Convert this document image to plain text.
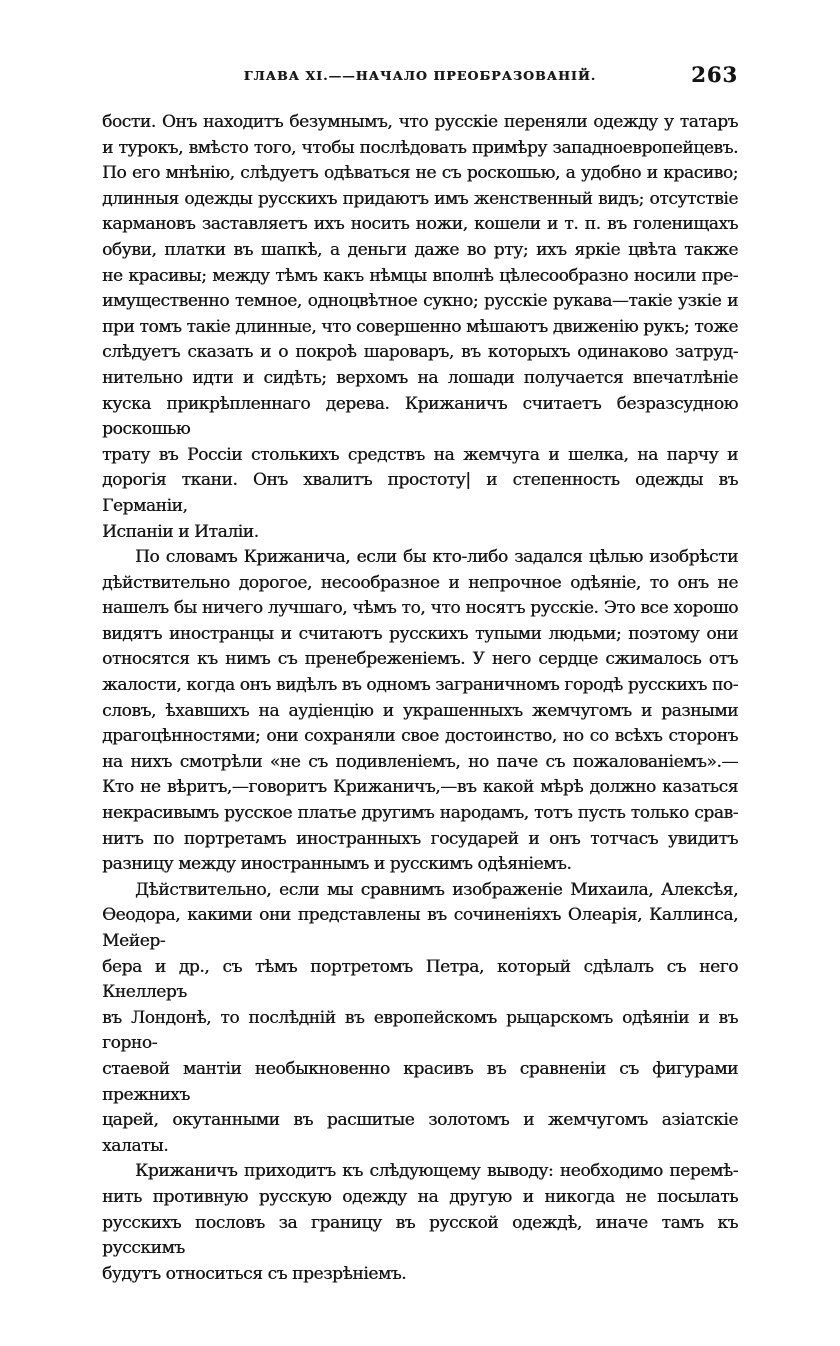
ГЛАВА XI.——НАЧАЛО ПРЕОБРАЗОВАНІЙ.	263
бости. Онъ находитъ безумнымъ, что русскіе переняли одежду у татаръ
и турокъ, вмѣсто того, чтобы послѣдовать примѣру западноевропейцевъ.
По его мнѣнію, слѣдуетъ одѣваться не съ роскошью, а удобно и красиво;
длинныя одежды русскихъ придаютъ имъ женственный видъ; отсутствіе
кармановъ заставляетъ ихъ носить ножи, кошели и т. п. въ голенищахъ
обуви, платки въ шапкѣ, а деньги даже во рту; ихъ яркіе цвѣта также
не красивы; между тѣмъ какъ нѣмцы вполнѣ цѣлесообразно носили пре-
имущественно темное, одноцвѣтное сукно; русскіе рукава—такіе узкіе и
при томъ такіе длинные, что совершенно мѣшаютъ движенію рукъ; тоже
слѣдуетъ сказать и о покроѣ шароваръ, въ которыхъ одинаково затруд-
нительно идти и сидѣть; верхомъ на лошади получается впечатлѣніе
куска прикрѣпленнаго дерева. Крижаничъ считаетъ безразсудною роскошью
трату въ Россіи столькихъ средствъ на жемчуга и шелка, на парчу и
дорогія ткани. Онъ хвалитъ простоту| и степенность одежды въ Германіи,
Испаніи и Италіи.
По словамъ Крижанича, если бы кто-либо задался цѣлью изобрѣсти
дѣйствительно дорогое, несообразное и непрочное одѣяніе, то онъ не
нашелъ бы ничего лучшаго, чѣмъ то, что носятъ русскіе. Это все хорошо
видятъ иностранцы и считаютъ русскихъ тупыми людьми; поэтому они
относятся къ нимъ съ пренебреженіемъ. У него сердце сжималось отъ
жалости, когда онъ видѣлъ въ одномъ заграничномъ городѣ русскихъ по-
словъ, ѣхавшихъ на аудіенцію и украшенныхъ жемчугомъ и разными
драгоцѣнностями; они сохраняли свое достоинство, но со всѣхъ сторонъ
на нихъ смотрѣли «не съ подивленіемъ, но паче съ пожалованіемъ».—
Кто не вѣритъ,—говоритъ Крижаничъ,—въ какой мѣрѣ должно казаться
некрасивымъ русское платье другимъ народамъ, тотъ пусть только срав-
нитъ по портретамъ иностранныхъ государей и онъ тотчасъ увидитъ
разницу между иностраннымъ и русскимъ одѣяніемъ.
Дѣйствительно, если мы сравнимъ изображеніе Михаила, Алексѣя,
Ѳеодора, какими они представлены въ сочиненіяхъ Олеарія, Каллинса, Мейер-
бера и др., съ тѣмъ портретомъ Петра, который сдѣлалъ съ него Кнеллеръ
въ Лондонѣ, то послѣдній въ европейскомъ рыцарскомъ одѣяніи и въ горно-
стаевой мантіи необыкновенно красивъ въ сравненіи съ фигурами прежнихъ
царей, окутанными въ расшитые золотомъ и жемчугомъ азіатскіе халаты.
Крижаничъ приходитъ къ слѣдующему выводу: необходимо перемѣ-
нить противную русскую одежду на другую и никогда не посылать
русскихъ пословъ за границу въ русской одеждѣ, иначе тамъ къ русскимъ
будутъ относиться съ презрѣніемъ.
